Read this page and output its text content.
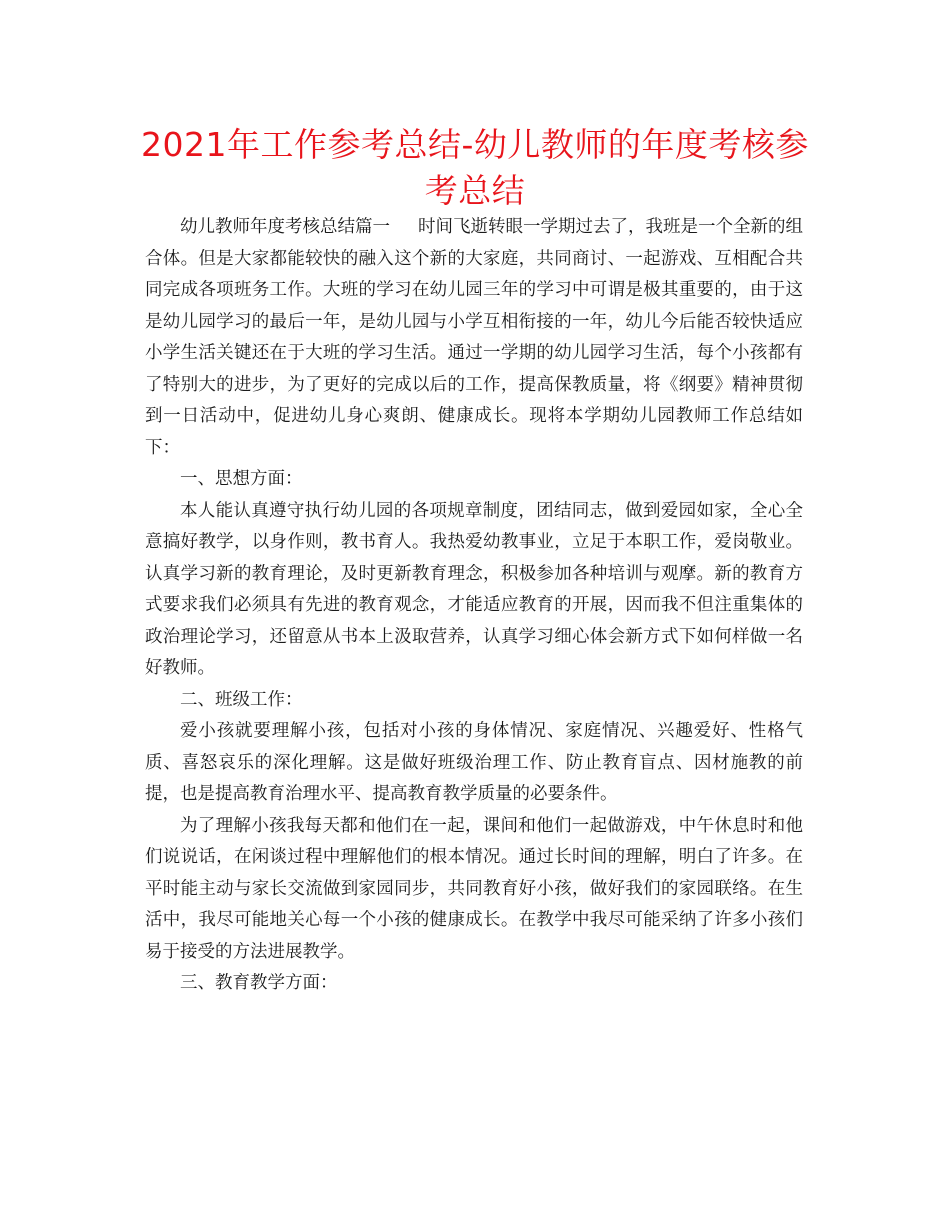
2021年工作参考总结-幼儿教师的年度考核参考总结

幼儿教师年度考核总结篇一 时间飞逝转眼一学期过去了，我班是一个全新的组合体。但是大家都能较快的融入这个新的大家庭，共同商讨、一起游戏、互相配合共同完成各项班务工作。大班的学习在幼儿园三年的学习中可谓是极其重要的，由于这是幼儿园学习的最后一年，是幼儿园与小学互相衔接的一年，幼儿今后能否较快适应小学生活关键还在于大班的学习生活。通过一学期的幼儿园学习生活，每个小孩都有了特别大的进步，为了更好的完成以后的工作，提高保教质量，将《纲要》精神贯彻到一日活动中，促进幼儿身心爽朗、健康成长。现将本学期幼儿园教师工作总结如下：

一、思想方面：

本人能认真遵守执行幼儿园的各项规章制度，团结同志，做到爱园如家，全心全意搞好教学，以身作则，教书育人。我热爱幼教事业，立足于本职工作，爱岗敬业。认真学习新的教育理论，及时更新教育理念，积极参加各种培训与观摩。新的教育方式要求我们必须具有先进的教育观念，才能适应教育的开展，因而我不但注重集体的政治理论学习，还留意从书本上汲取营养，认真学习细心体会新方式下如何样做一名好教师。

二、班级工作：

爱小孩就要理解小孩，包括对小孩的身体情况、家庭情况、兴趣爱好、性格气质、喜怒哀乐的深化理解。这是做好班级治理工作、防止教育盲点、因材施教的前提，也是提高教育治理水平、提高教育教学质量的必要条件。

为了理解小孩我每天都和他们在一起，课间和他们一起做游戏，中午休息时和他们说说话，在闲谈过程中理解他们的根本情况。通过长时间的理解，明白了许多。在平时能主动与家长交流做到家园同步，共同教育好小孩，做好我们的家园联络。在生活中，我尽可能地关心每一个小孩的健康成长。在教学中我尽可能采纳了许多小孩们易于接受的方法进展教学。

三、教育教学方面：
